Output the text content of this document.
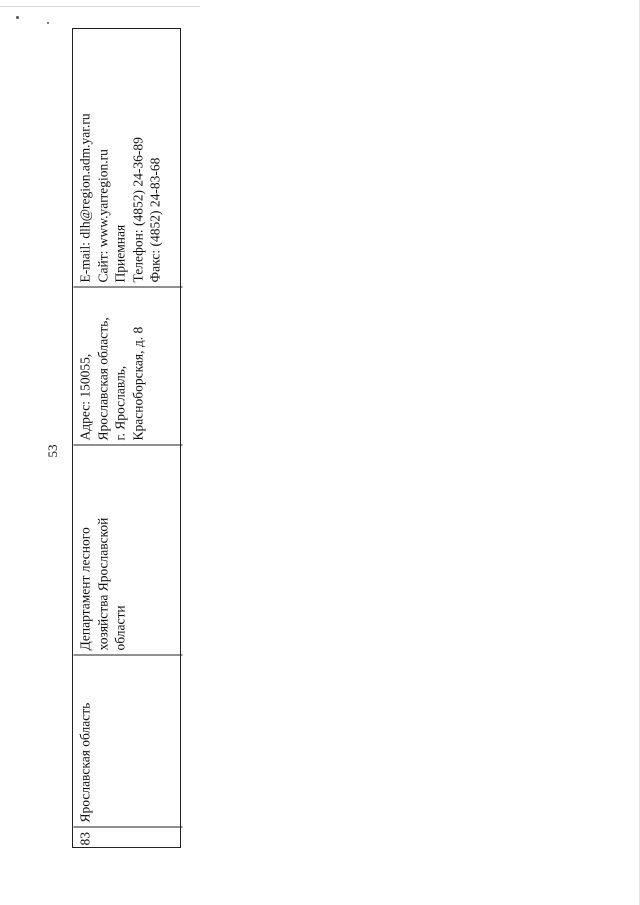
53
83
Ярославская область
Департамент лесного хозяйства Ярославской области
Адрес: 150055, Ярославская область, г. Ярославль, Красноборская, д. 8
E-mail: dlh@region.adm.yar.ru Сайт: www.yarregion.ru Приемная Телефон: (4852) 24-36-89 Факс: (4852) 24-83-68
